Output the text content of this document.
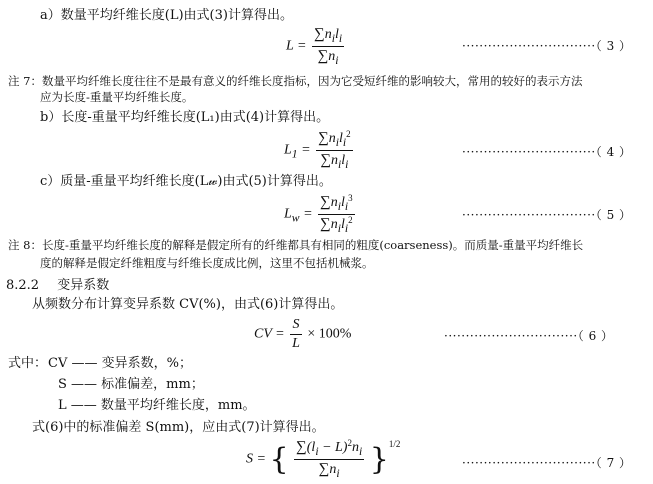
a）数量平均纤维长度(L)由式(3)计算得出。
$L = \frac{\sum n_il_i}{\sum n_i}$	·······························（ 3 ）
注 7：数量平均纤维长度往往不是最有意义的纤维长度指标，因为它受短纤维的影响较大，常用的较好的表示方法
应为长度-重量平均纤维长度。
b）长度-重量平均纤维长度(L₁)由式(4)计算得出。
$L_1 = \frac{\sum n_il_i^2}{\sum n_il_i}$	·······························（ 4 ）
c）质量-重量平均纤维长度(L𝓌)由式(5)计算得出。
$L_w = \frac{\sum n_il_i^3}{\sum n_il_i^2}$	·······························（ 5 ）
注 8：长度-重量平均纤维长度的解释是假定所有的纤维都具有相同的粗度(coarseness)。而质量-重量平均纤维长
度的解释是假定纤维粗度与纤维长度成比例，这里不包括机械浆。
8.2.2 变异系数
从频数分布计算变异系数 CV(%)，由式(6)计算得出。
CV = $\frac{S}{L} \times 100\%$	·······························（ 6 ）
式中： CV —— 变异系数，%；
S —— 标准偏差，mm；
L —— 数量平均纤维长度，mm。
式(6)中的标准偏差 S(mm)，应由式(7)计算得出。
S = { $\frac{\sum(l_i - L)^2n_i}{\sum n_i} \}^{1/2}$
·······························（ 7 ）
